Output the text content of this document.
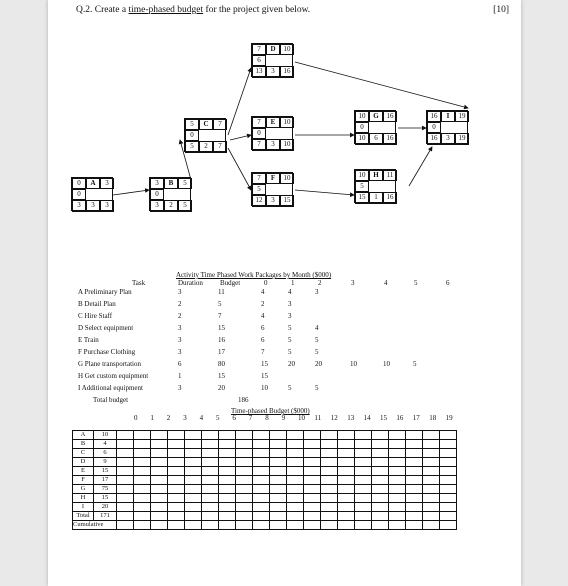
Q.2. Create a time-phased budget for the project given below.	[10]
0	A	3
0
3	3	3
3	B	5
0
3	2	5
5	C	7
0
5	2	7
7	D	10
6
13	3	16
7	E	10
0
7	3	10
7	F	10
5
12	3	15
10	G	16
0
10	6	16
10	H	11
5
15	1	16
16	I	19
0
16	3	19
Activity Time Phased Work Packages by Month ($000)
Task	Duration Budget	0	1	2	3	4	5	6
A Preliminary Plan	3	11	4	4	3
B Detail Plan	2	5	2	3
C Hire Staff	2	7	4	3
D Select equipment	3	15	6	5	4
E Train	3	16	6	5	5
F Purchase Clothing	3	17	7	5	5
G Plane transportation	6	80	15	20	20	10	10	5
H Get custom equipment	1	15	15
I Additional equipment	3	20	10	5	5
Total budget	186
Time-phased Budget ($000)
0 1 2 3 4 5 6 7 8 9 10 11 12 13 14 15 16 17 18 19
A	10																				
B	4																				
C	6																				
D	9																				
E	15																				
F	17																				
G	75																				
H	15																				
I	20																				
Total	171																				
Cumulative																					
